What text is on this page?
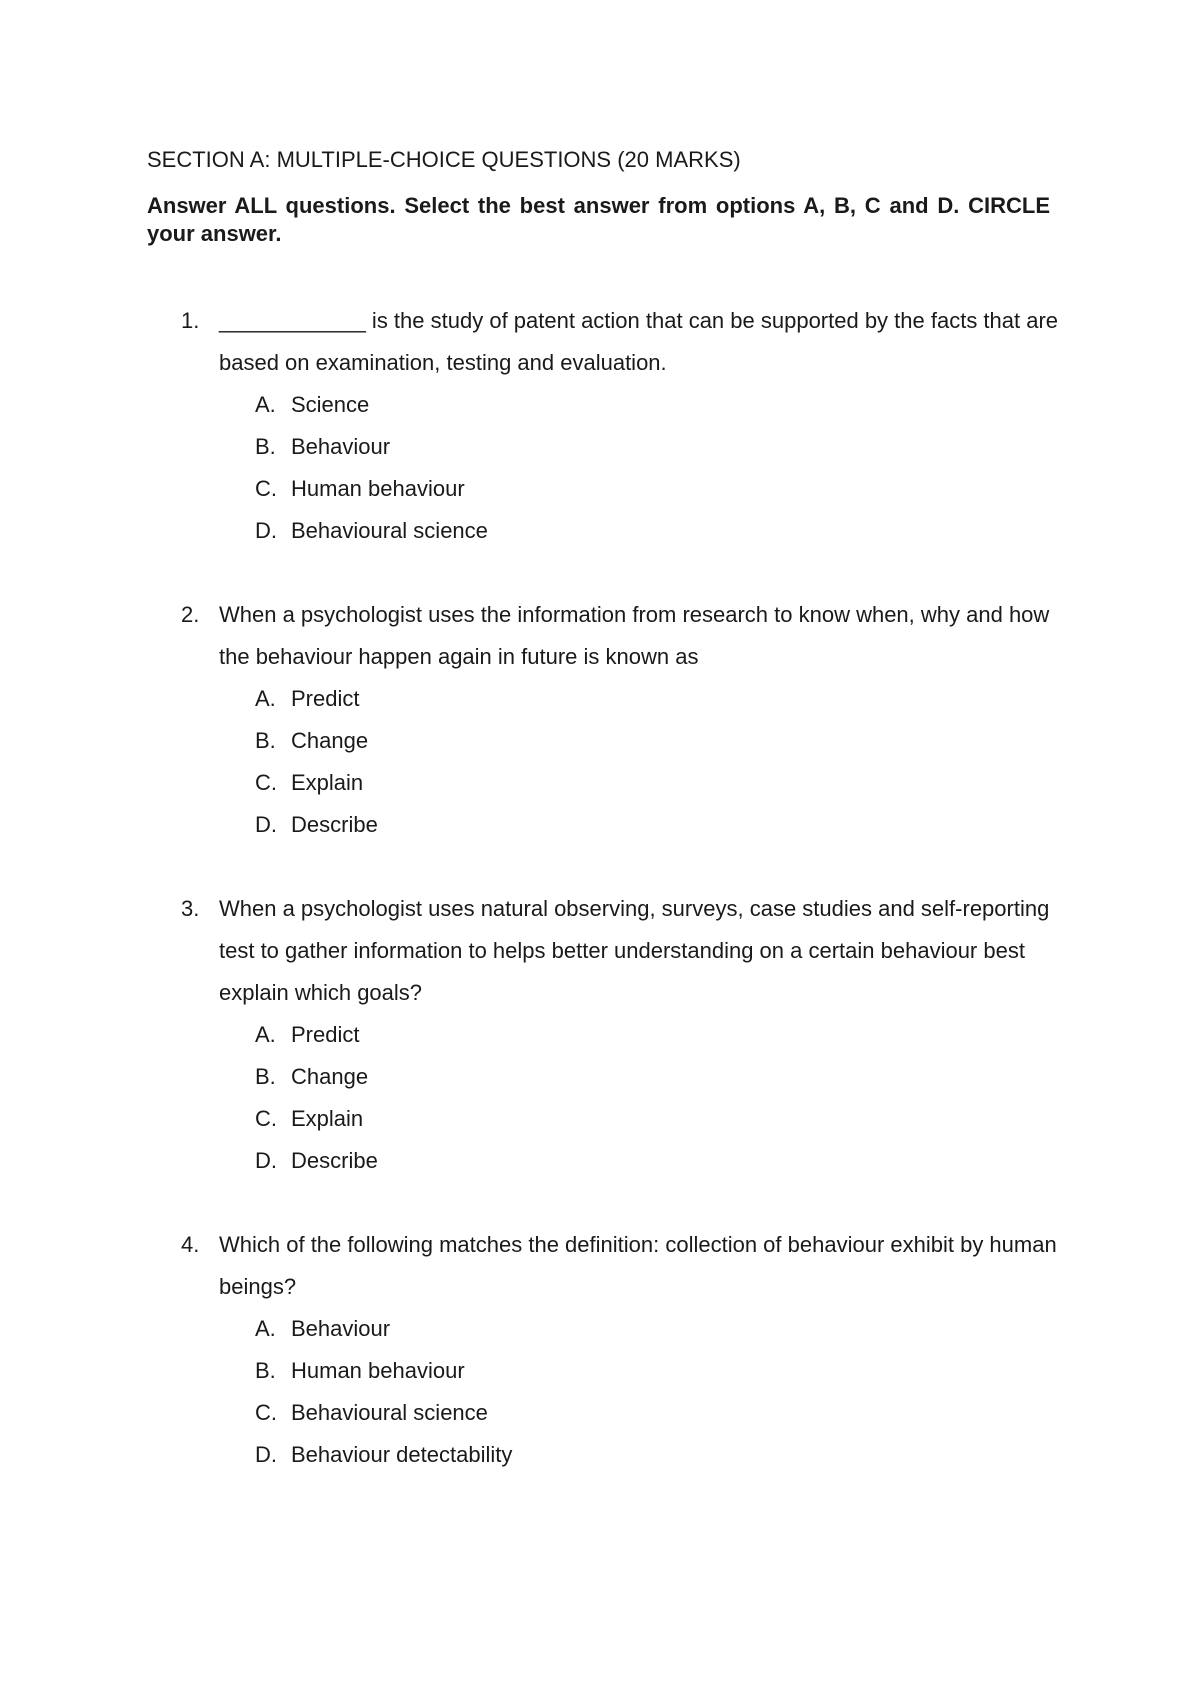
SECTION A: MULTIPLE-CHOICE QUESTIONS (20 MARKS)

Answer ALL questions. Select the best answer from options A, B, C and D. CIRCLE your answer.

1. ____________ is the study of patent action that can be supported by the facts that are based on examination, testing and evaluation.

A. Science
B. Behaviour
C. Human behaviour
D. Behavioural science
2. When a psychologist uses the information from research to know when, why and how the behaviour happen again in future is known as

A. Predict
B. Change
C. Explain
D. Describe
3. When a psychologist uses natural observing, surveys, case studies and self-reporting test to gather information to helps better understanding on a certain behaviour best explain which goals?

A. Predict
B. Change
C. Explain
D. Describe
4. Which of the following matches the definition: collection of behaviour exhibit by human beings?

A. Behaviour
B. Human behaviour
C. Behavioural science
D. Behaviour detectability
